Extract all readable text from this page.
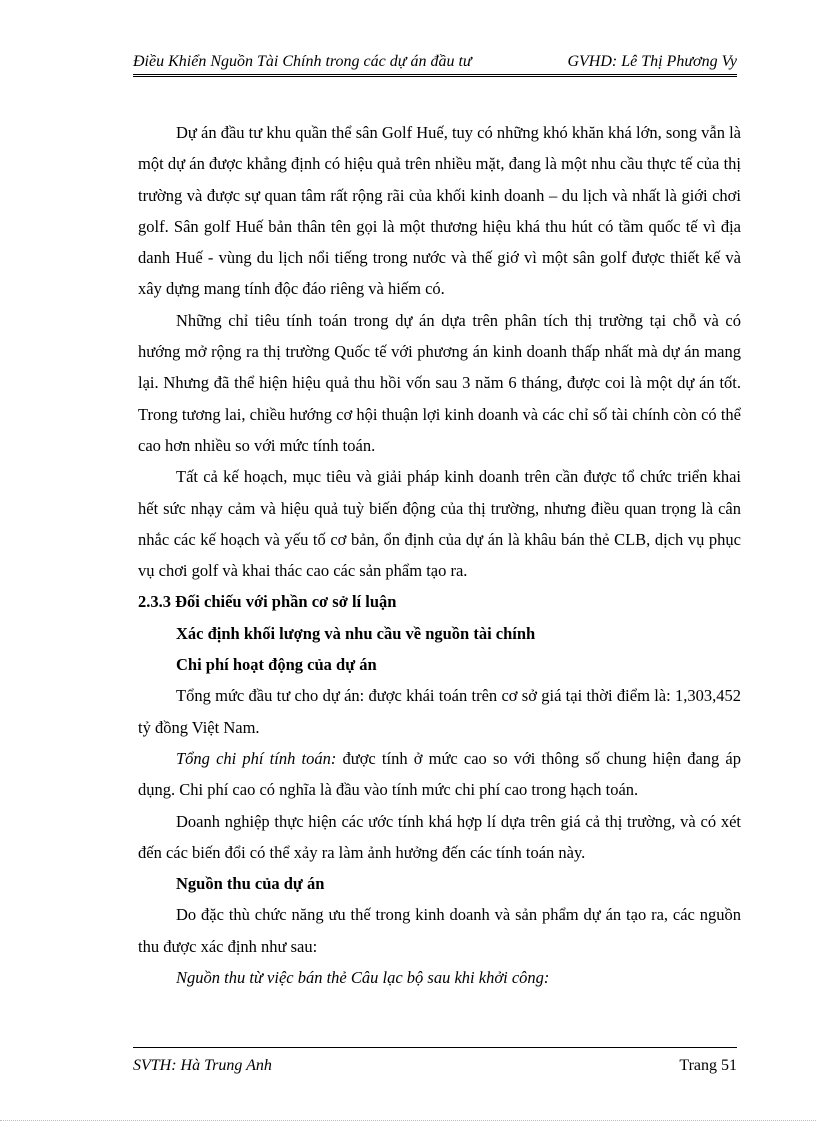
Điều Khiển Nguồn Tài Chính trong các dự án đầu tư	GVHD: Lê Thị Phương Vy

Dự án đầu tư khu quần thể sân Golf Huế, tuy có những khó khăn khá lớn, song vẫn là một dự án được khẳng định có hiệu quả trên nhiều mặt, đang là một nhu cầu thực tế của thị trường và được sự quan tâm rất rộng rãi của khối kinh doanh – du lịch và nhất là giới chơi golf. Sân golf Huế bản thân tên gọi là một thương hiệu khá thu hút có tầm quốc tế vì địa danh Huế - vùng du lịch nổi tiếng trong nước và thế giớ vì một sân golf được thiết kế và xây dựng mang tính độc đáo riêng và hiếm có.

Những chỉ tiêu tính toán trong dự án dựa trên phân tích thị trường tại chỗ và có hướng mở rộng ra thị trường Quốc tế với phương án kinh doanh thấp nhất mà dự án mang lại. Nhưng đã thể hiện hiệu quả thu hồi vốn sau 3 năm 6 tháng, được coi là một dự án tốt. Trong tương lai, chiều hướng cơ hội thuận lợi kinh doanh và các chỉ số tài chính còn có thể cao hơn nhiều so với mức tính toán.

Tất cả kế hoạch, mục tiêu và giải pháp kinh doanh trên cần được tổ chức triển khai hết sức nhạy cảm và hiệu quả tuỳ biến động của thị trường, nhưng điều quan trọng là cân nhắc các kế hoạch và yếu tố cơ bản, ổn định của dự án là khâu bán thẻ CLB, dịch vụ phục vụ chơi golf và khai thác cao các sản phẩm tạo ra.

2.3.3 Đối chiếu với phần cơ sở lí luận

Xác định khối lượng và nhu cầu về nguồn tài chính

Chi phí hoạt động của dự án

Tổng mức đầu tư cho dự án: được khái toán trên cơ sở giá tại thời điểm là: 1,303,452 tỷ đồng Việt Nam.

Tổng chi phí tính toán: được tính ở mức cao so với thông số chung hiện đang áp dụng. Chi phí cao có nghĩa là đầu vào tính mức chi phí cao trong hạch toán.

Doanh nghiệp thực hiện các ước tính khá hợp lí dựa trên giá cả thị trường, và có xét đến các biến đổi có thể xảy ra làm ảnh hưởng đến các tính toán này.

Nguồn thu của dự án

Do đặc thù chức năng ưu thế trong kinh doanh và sản phẩm dự án tạo ra, các nguồn thu được xác định như sau:

Nguồn thu từ việc bán thẻ Câu lạc bộ sau khi khởi công:

SVTH: Hà Trung Anh	Trang 51
